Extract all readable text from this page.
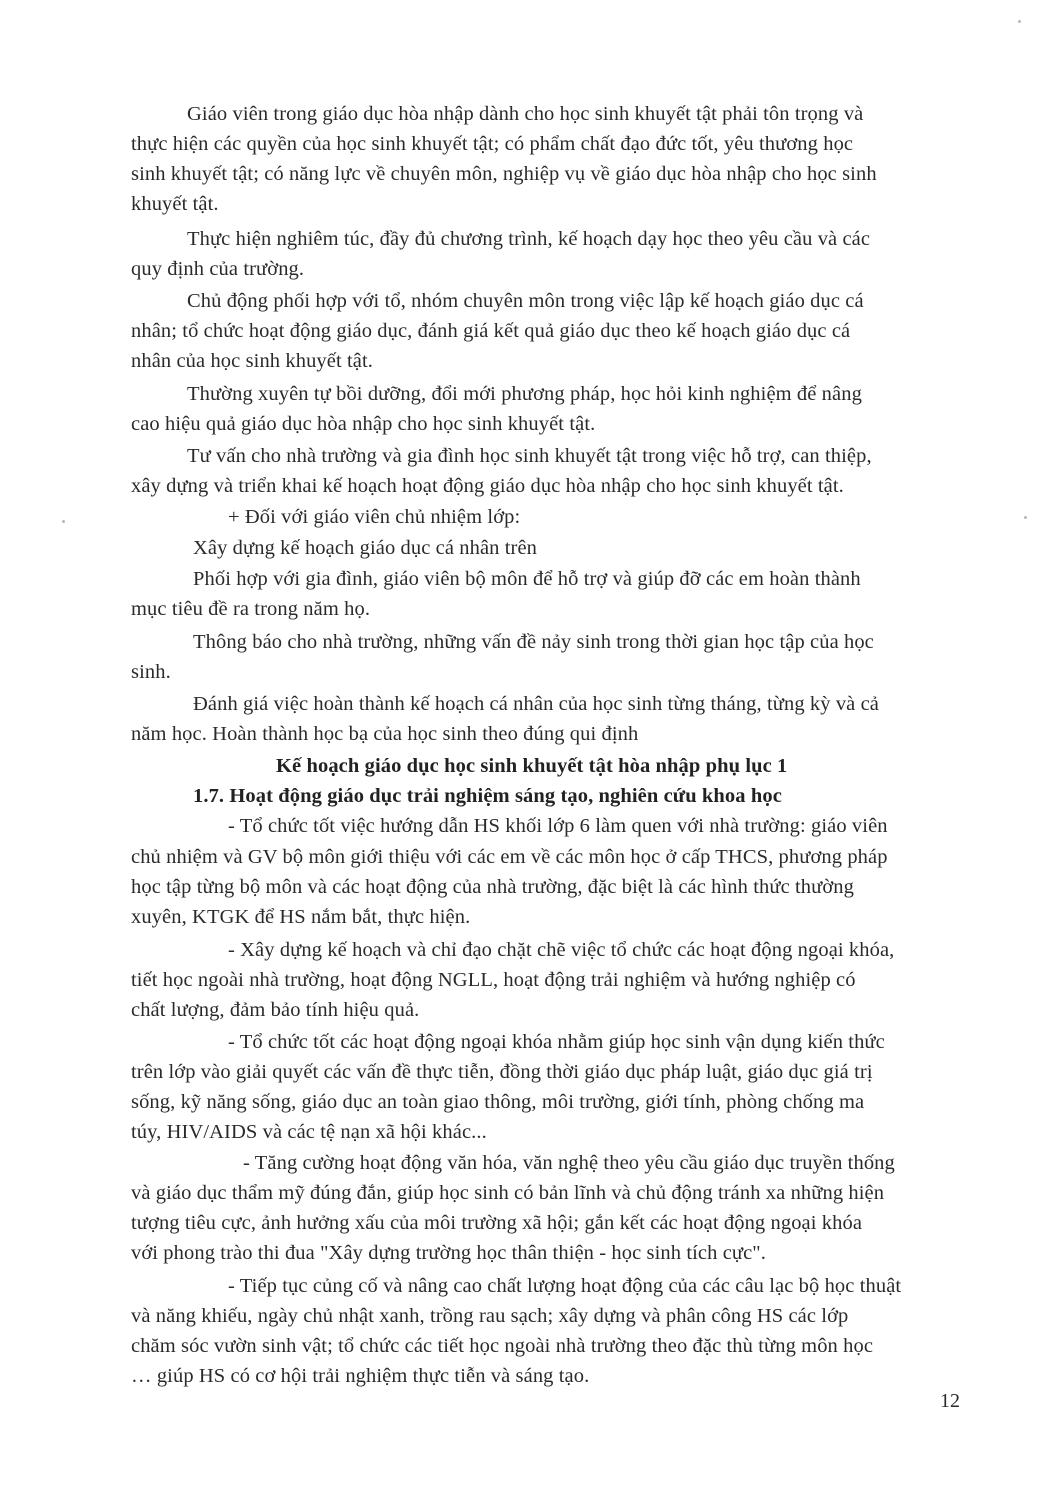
Giáo viên trong giáo dục hòa nhập dành cho học sinh khuyết tật phải tôn trọng và
thực hiện các quyền của học sinh khuyết tật; có phẩm chất đạo đức tốt, yêu thương học
sinh khuyết tật; có năng lực về chuyên môn, nghiệp vụ về giáo dục hòa nhập cho học sinh
khuyết tật.
Thực hiện nghiêm túc, đầy đủ chương trình, kế hoạch dạy học theo yêu cầu và các
quy định của trường.
Chủ động phối hợp với tổ, nhóm chuyên môn trong việc lập kế hoạch giáo dục cá
nhân; tổ chức hoạt động giáo dục, đánh giá kết quả giáo dục theo kế hoạch giáo dục cá
nhân của học sinh khuyết tật.
Thường xuyên tự bồi dưỡng, đổi mới phương pháp, học hỏi kinh nghiệm để nâng
cao hiệu quả giáo dục hòa nhập cho học sinh khuyết tật.
Tư vấn cho nhà trường và gia đình học sinh khuyết tật trong việc hỗ trợ, can thiệp,
xây dựng và triển khai kế hoạch hoạt động giáo dục hòa nhập cho học sinh khuyết tật.
+ Đối với giáo viên chủ nhiệm lớp:
Xây dựng kế hoạch giáo dục cá nhân trên
Phối hợp với gia đình, giáo viên bộ môn để hỗ trợ và giúp đỡ các em hoàn thành
mục tiêu đề ra trong năm họ.
Thông báo cho nhà trường, những vấn đề nảy sinh trong thời gian học tập của học
sinh.
Đánh giá việc hoàn thành kế hoạch cá nhân của học sinh từng tháng, từng kỳ và cả
năm học. Hoàn thành học bạ của học sinh theo đúng qui định
Kế hoạch giáo dục học sinh khuyết tật hòa nhập phụ lục 1
1.7. Hoạt động giáo dục trải nghiệm sáng tạo, nghiên cứu khoa học
- Tổ chức tốt việc hướng dẫn HS khối lớp 6 làm quen với nhà trường: giáo viên
chủ nhiệm và GV bộ môn giới thiệu với các em về các môn học ở cấp THCS, phương pháp
học tập từng bộ môn và các hoạt động của nhà trường, đặc biệt là các hình thức thường
xuyên, KTGK để HS nắm bắt, thực hiện.
- Xây dựng kế hoạch và chỉ đạo chặt chẽ việc tổ chức các hoạt động ngoại khóa,
tiết học ngoài nhà trường, hoạt động NGLL, hoạt động trải nghiệm và hướng nghiệp có
chất lượng, đảm bảo tính hiệu quả.
- Tổ chức tốt các hoạt động ngoại khóa nhằm giúp học sinh vận dụng kiến thức
trên lớp vào giải quyết các vấn đề thực tiễn, đồng thời giáo dục pháp luật, giáo dục giá trị
sống, kỹ năng sống, giáo dục an toàn giao thông, môi trường, giới tính, phòng chống ma
túy, HIV/AIDS và các tệ nạn xã hội khác...
- Tăng cường hoạt động văn hóa, văn nghệ theo yêu cầu giáo dục truyền thống
và giáo dục thẩm mỹ đúng đắn, giúp học sinh có bản lĩnh và chủ động tránh xa những hiện
tượng tiêu cực, ảnh hưởng xấu của môi trường xã hội; gắn kết các hoạt động ngoại khóa
với phong trào thi đua "Xây dựng trường học thân thiện - học sinh tích cực".
- Tiếp tục củng cố và nâng cao chất lượng hoạt động của các câu lạc bộ học thuật
và năng khiếu, ngày chủ nhật xanh, trồng rau sạch; xây dựng và phân công HS các lớp
chăm sóc vườn sinh vật; tổ chức các tiết học ngoài nhà trường theo đặc thù từng môn học
… giúp HS có cơ hội trải nghiệm thực tiễn và sáng tạo.
12
